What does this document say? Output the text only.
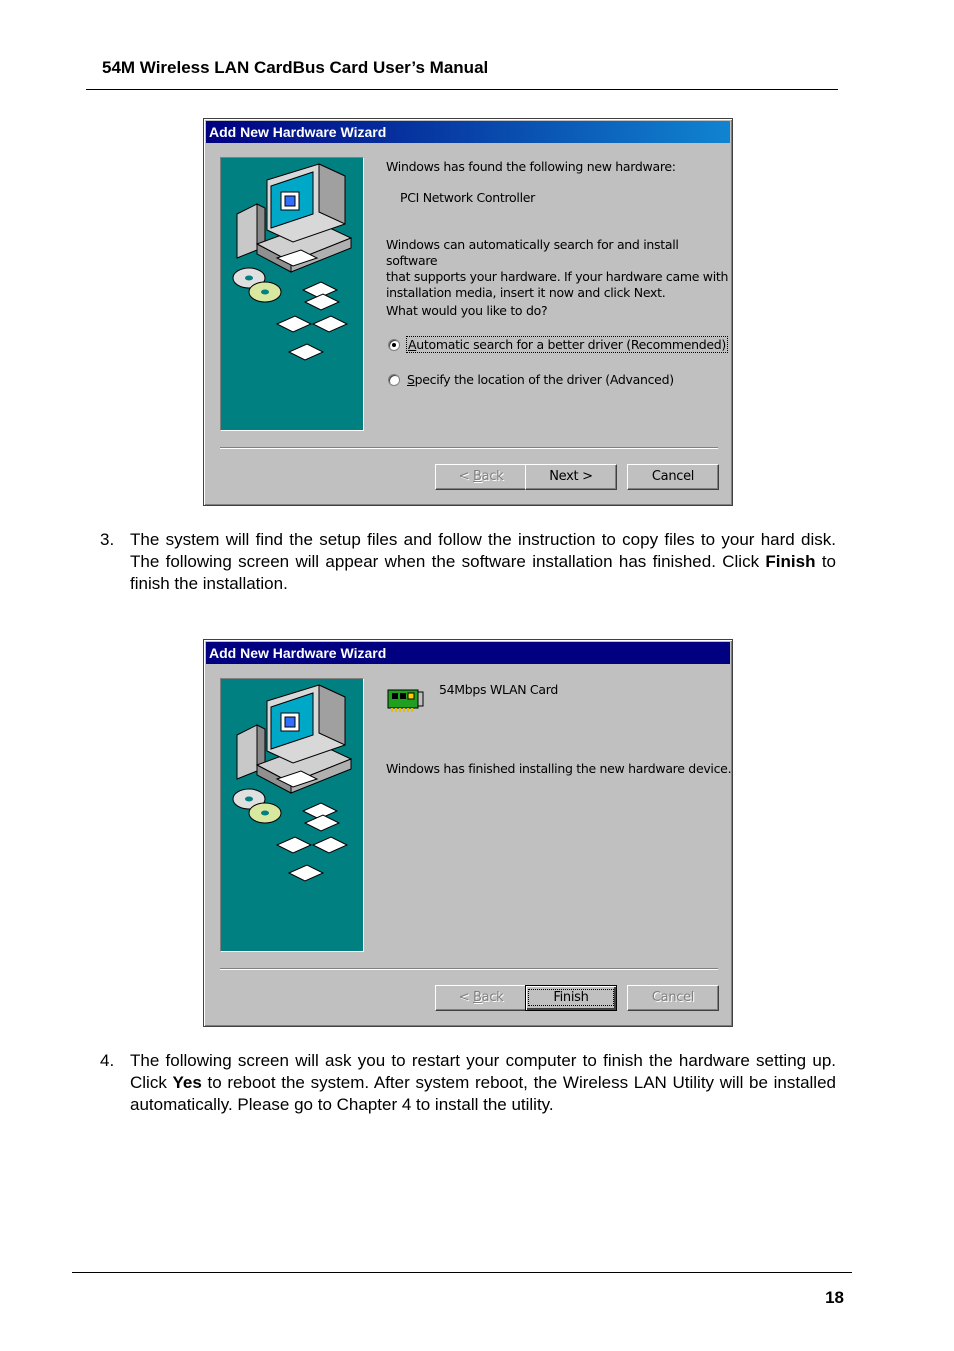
54M Wireless LAN CardBus Card User’s Manual
Add New Hardware Wizard
Windows has found the following new hardware:
PCI Network Controller
Windows can automatically search for and install software
that supports your hardware. If your hardware came with
installation media, insert it now and click Next.
What would you like to do?
Automatic search for a better driver (Recommended)
Specify the location of the driver (Advanced)
< Back	Next >	Cancel
3. The system will find the setup files and follow the instruction to copy files to your hard disk. The following screen will appear when the software installation has finished. Click Finish to finish the installation.
Add New Hardware Wizard
54Mbps WLAN Card
Windows has finished installing the new hardware device.
< Back	Finish	Cancel
4. The following screen will ask you to restart your computer to finish the hardware setting up. Click Yes to reboot the system. After system reboot, the Wireless LAN Utility will be installed automatically. Please go to Chapter 4 to install the utility.
18
